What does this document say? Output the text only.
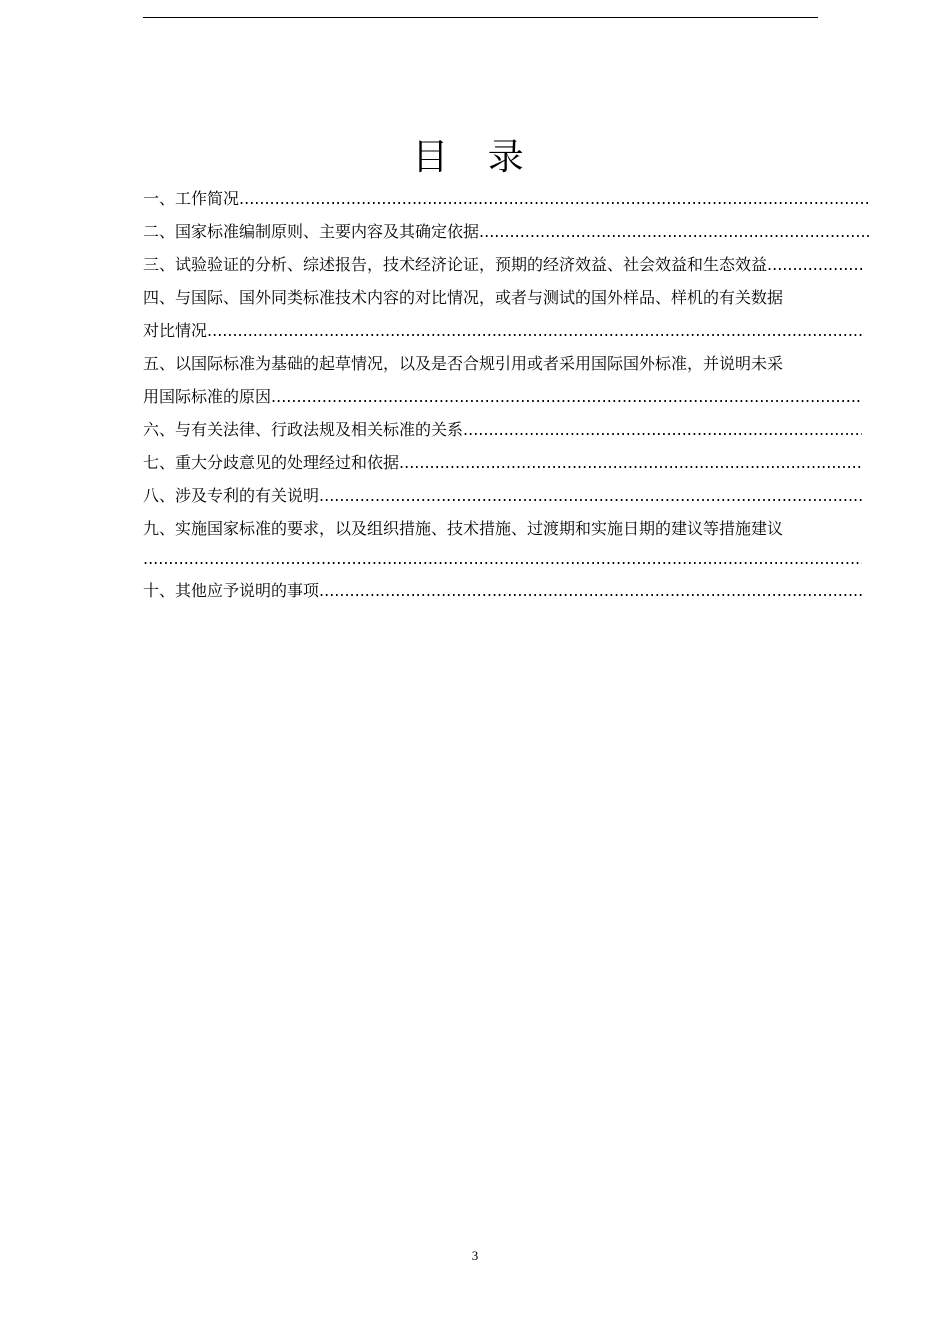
目 录
一、工作简况
.....
二、国家标准编制原则、主要内容及其确定依据
.....
三、试验验证的分析、综述报告，技术经济论证，预期的经济效益、社会效益和生态效益
.....
四、与国际、国外同类标准技术内容的对比情况，或者与测试的国外样品、样机的有关数据
对比情况
.....
五、以国际标准为基础的起草情况，以及是否合规引用或者采用国际国外标准，并说明未采
用国际标准的原因
.....
六、与有关法律、行政法规及相关标准的关系
.....
七、重大分歧意见的处理经过和依据
.....
八、涉及专利的有关说明
.....
九、实施国家标准的要求，以及组织措施、技术措施、过渡期和实施日期的建议等措施建议
.....
十、其他应予说明的事项
.....
3
